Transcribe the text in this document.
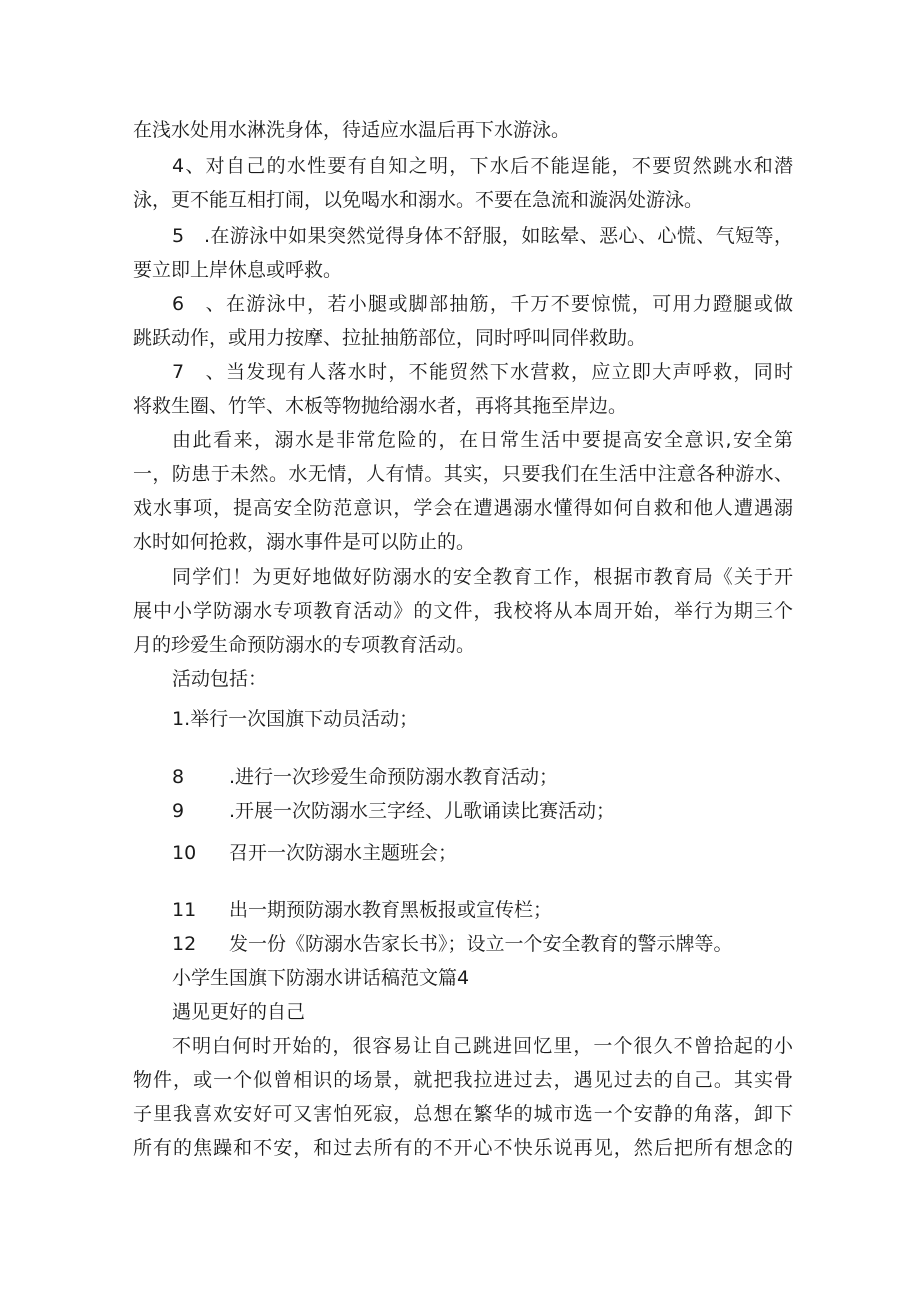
在浅水处用水淋洗身体，待适应水温后再下水游泳。
4、对自己的水性要有自知之明，下水后不能逞能，不要贸然跳水和潜
泳，更不能互相打闹，以免喝水和溺水。不要在急流和漩涡处游泳。
5　.在游泳中如果突然觉得身体不舒服，如眩晕、恶心、心慌、气短等，
要立即上岸休息或呼救。
6　、在游泳中，若小腿或脚部抽筋，千万不要惊慌，可用力蹬腿或做
跳跃动作，或用力按摩、拉扯抽筋部位，同时呼叫同伴救助。
7　、当发现有人落水时，不能贸然下水营救，应立即大声呼救，同时
将救生圈、竹竿、木板等物抛给溺水者，再将其拖至岸边。
由此看来，溺水是非常危险的，在日常生活中要提高安全意识,安全第
一，防患于未然。水无情，人有情。其实，只要我们在生活中注意各种游水、
戏水事项，提高安全防范意识，学会在遭遇溺水懂得如何自救和他人遭遇溺
水时如何抢救，溺水事件是可以防止的。
同学们！为更好地做好防溺水的安全教育工作，根据市教育局《关于开
展中小学防溺水专项教育活动》的文件，我校将从本周开始，举行为期三个
月的珍爱生命预防溺水的专项教育活动。
活动包括：
1.举行一次国旗下动员活动；
8 .进行一次珍爱生命预防溺水教育活动；
9 .开展一次防溺水三字经、儿歌诵读比赛活动；
10 召开一次防溺水主题班会；
11 出一期预防溺水教育黑板报或宣传栏；
12 发一份《防溺水告家长书》；设立一个安全教育的警示牌等。
小学生国旗下防溺水讲话稿范文篇4
遇见更好的自己
不明白何时开始的，很容易让自己跳进回忆里，一个很久不曾拾起的小
物件，或一个似曾相识的场景，就把我拉进过去，遇见过去的自己。其实骨
子里我喜欢安好可又害怕死寂，总想在繁华的城市选一个安静的角落，卸下
所有的焦躁和不安，和过去所有的不开心不快乐说再见，然后把所有想念的
